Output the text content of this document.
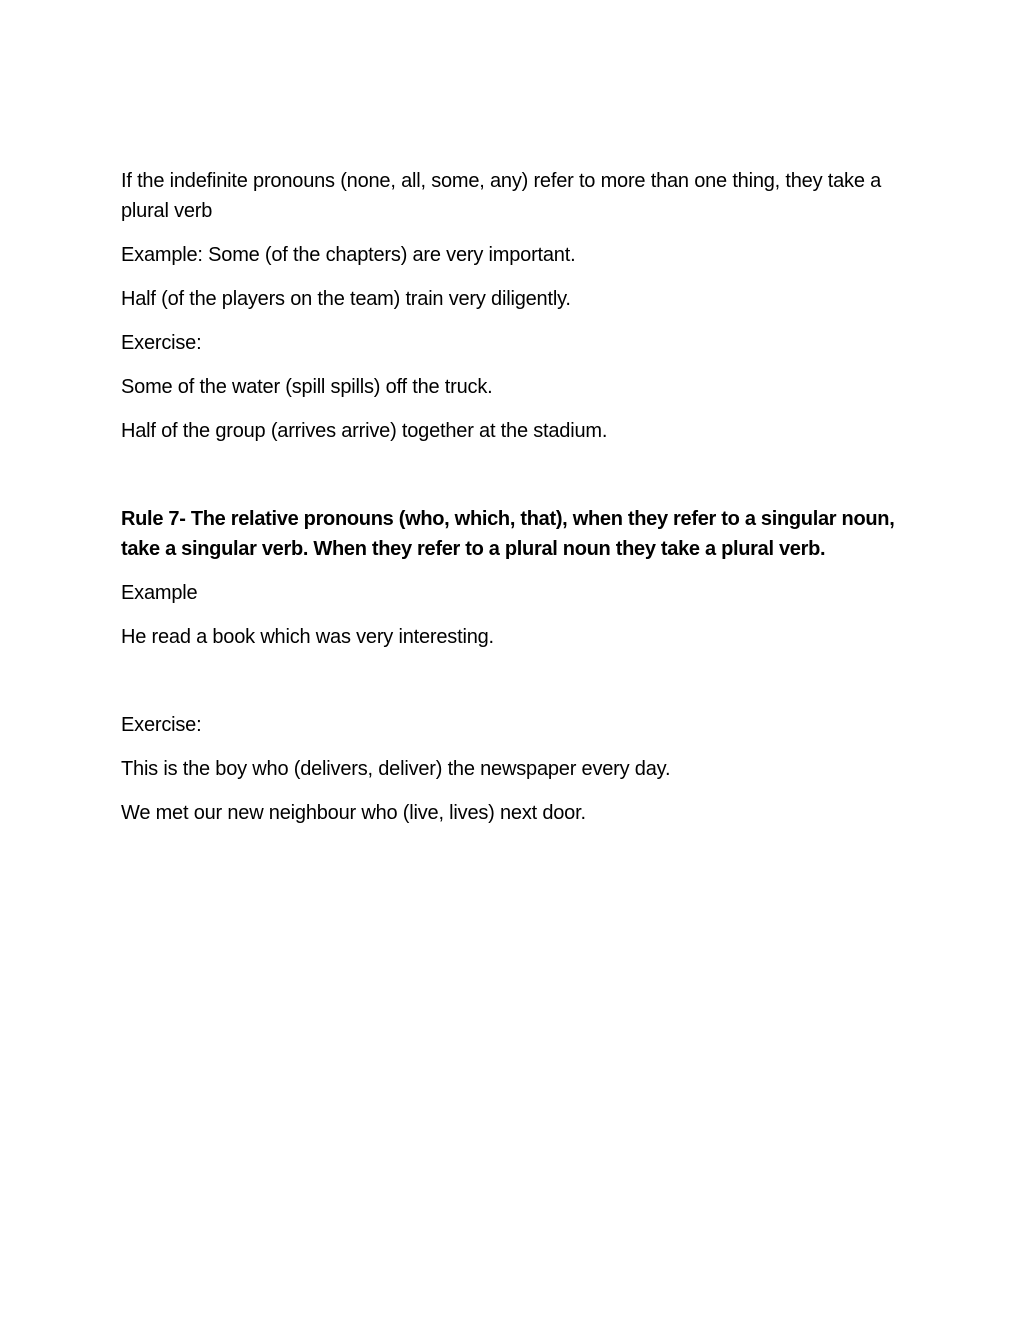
If the indefinite pronouns (none, all, some, any) refer to more than one thing, they take a plural verb

Example: Some (of the chapters) are very important.

Half (of the players on the team) train very diligently.

Exercise:

Some of the water (spill spills) off the truck.

Half of the group (arrives arrive) together at the stadium.

Rule 7- The relative pronouns (who, which, that), when they refer to a singular noun, take a singular verb. When they refer to a plural noun they take a plural verb.

Example

He read a book which was very interesting.

Exercise:

This is the boy who (delivers, deliver) the newspaper every day.

We met our new neighbour who (live, lives) next door.
